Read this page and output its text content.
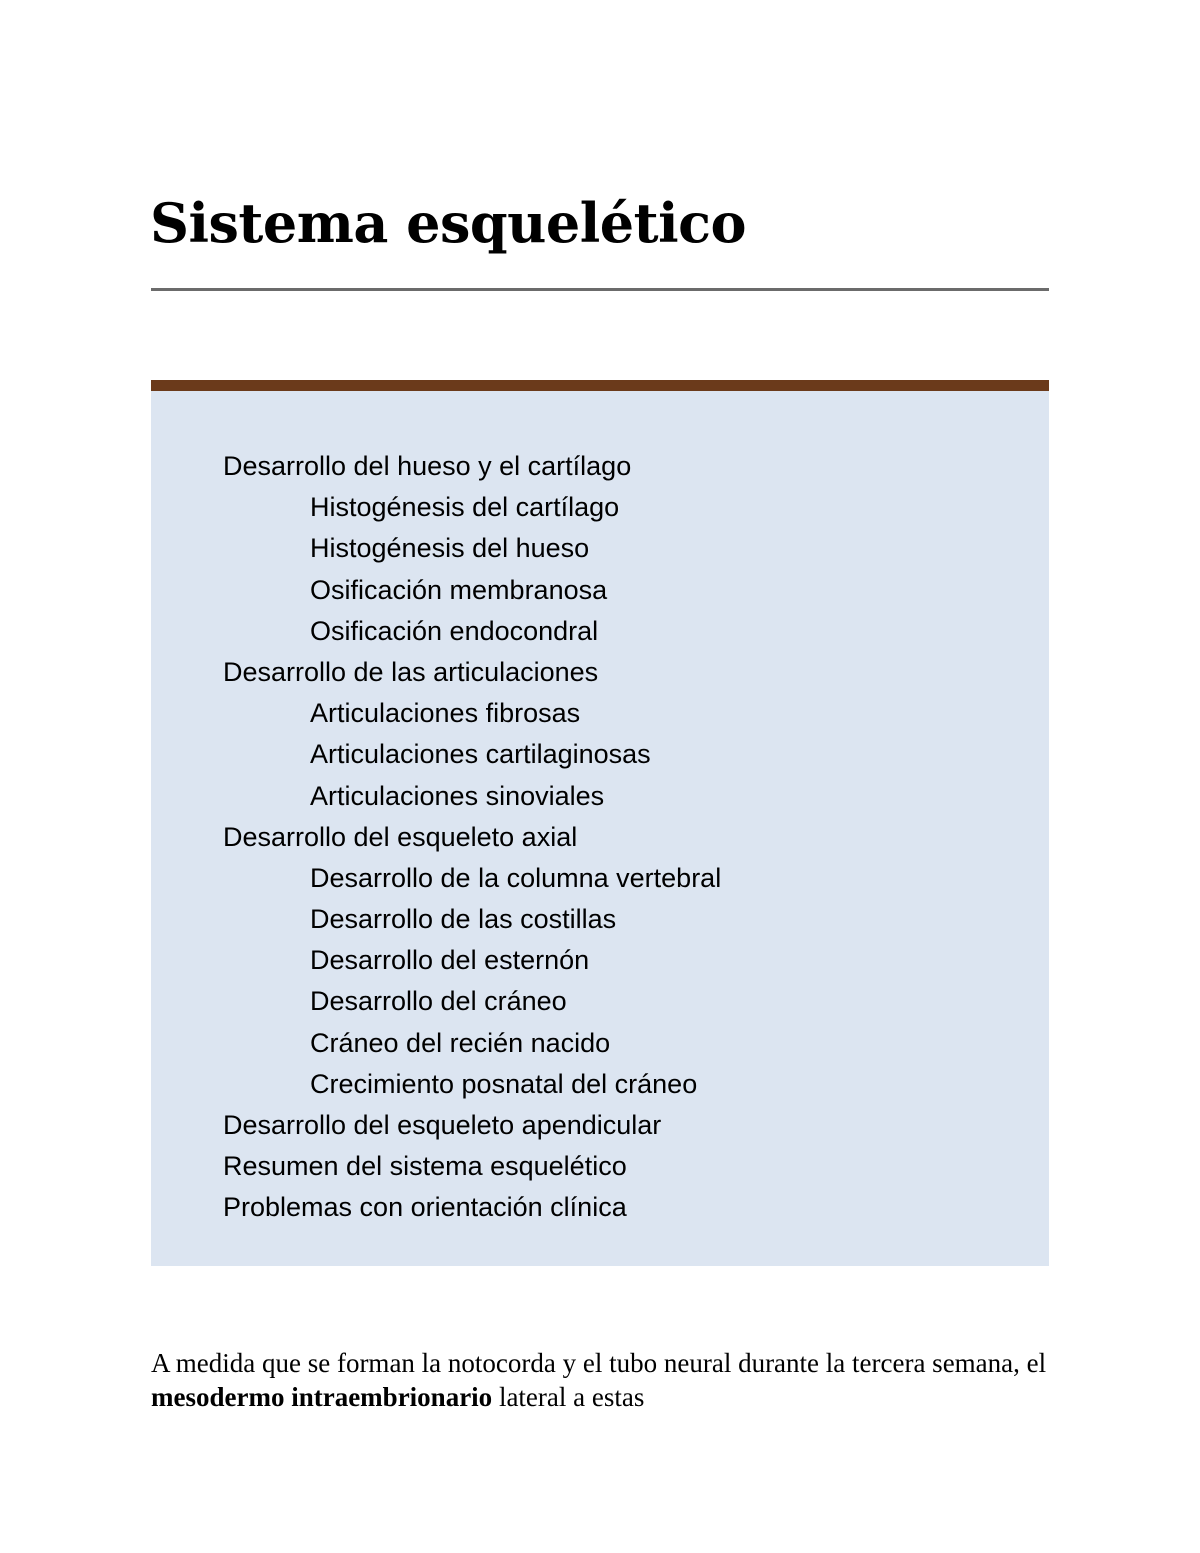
Sistema esquelético
Desarrollo del hueso y el cartílago
Histogénesis del cartílago
Histogénesis del hueso
Osificación membranosa
Osificación endocondral
Desarrollo de las articulaciones
Articulaciones fibrosas
Articulaciones cartilaginosas
Articulaciones sinoviales
Desarrollo del esqueleto axial
Desarrollo de la columna vertebral
Desarrollo de las costillas
Desarrollo del esternón
Desarrollo del cráneo
Cráneo del recién nacido
Crecimiento posnatal del cráneo
Desarrollo del esqueleto apendicular
Resumen del sistema esquelético
Problemas con orientación clínica

A medida que se forman la notocorda y el tubo neural durante la tercera semana, el mesodermo intraembrionario lateral a estas
